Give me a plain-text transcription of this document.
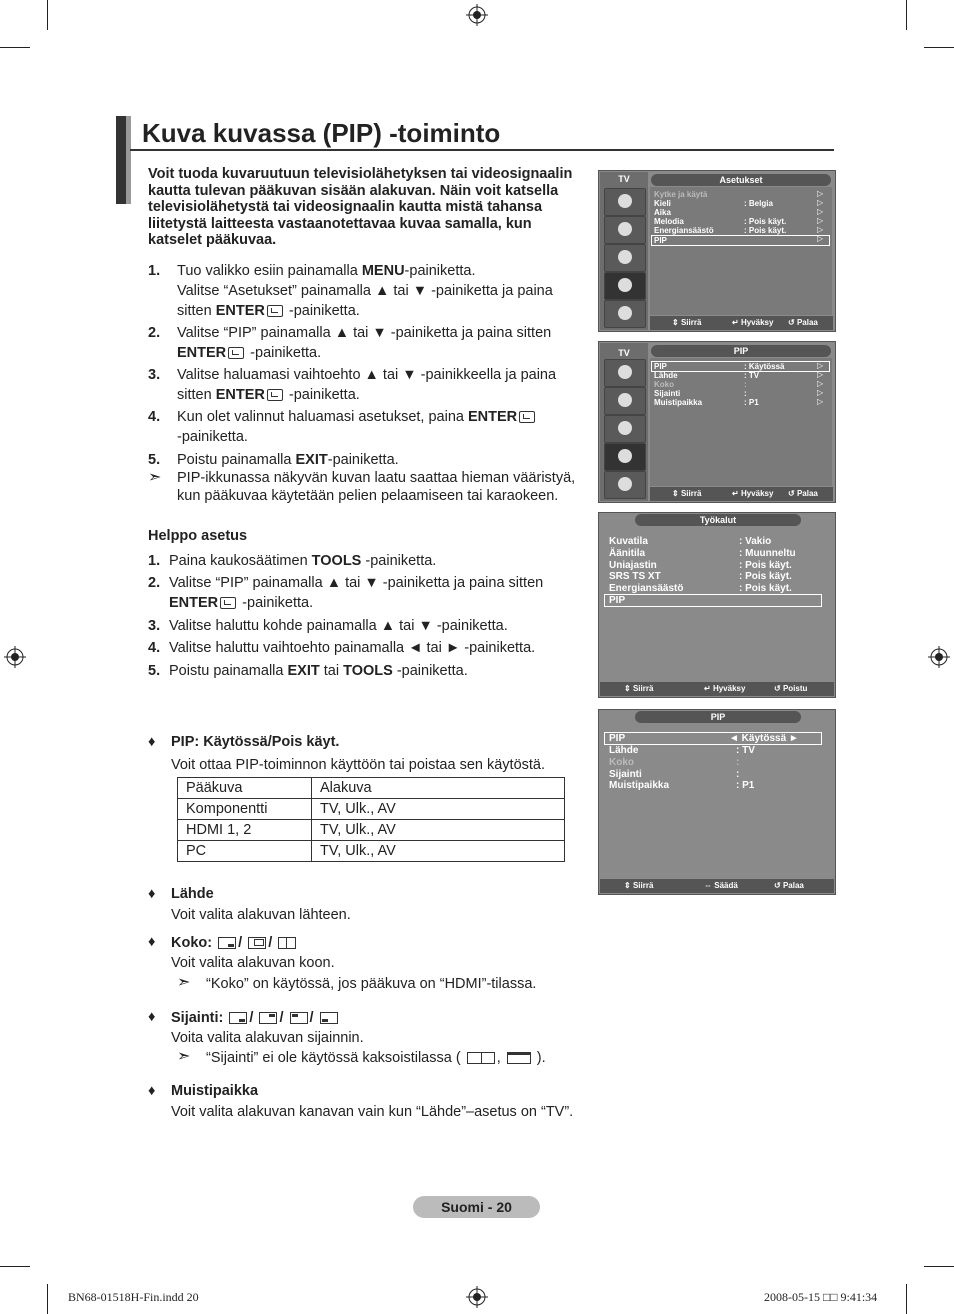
Kuva kuvassa (PIP) -toiminto
Voit tuoda kuvaruutuun televisiolähetyksen tai videosignaalin kautta tulevan pääkuvan sisään alakuvan. Näin voit katsella televisiolähetystä tai videosignaalin kautta mistä tahansa liitetystä laitteesta vastaanotettavaa kuvaa samalla, kun katselet pääkuvaa.
1. Tuo valikko esiin painamalla MENU-painiketta.
Valitse “Asetukset” painamalla ▲ tai ▼ -painiketta ja paina
sitten ENTER -painiketta.
2. Valitse “PIP” painamalla ▲ tai ▼ -painiketta ja paina sitten
ENTER -painiketta.
3. Valitse haluamasi vaihtoehto ▲ tai ▼ -painikkeella ja paina
sitten ENTER -painiketta.
4. Kun olet valinnut haluamasi asetukset, paina ENTER
-painiketta.
5. Poistu painamalla EXIT-painiketta.
➣ PIP-ikkunassa näkyvän kuvan laatu saattaa hieman vääristyä, kun pääkuvaa käytetään pelien pelaamiseen tai karaokeen.
Helppo asetus
1. Paina kaukosäätimen TOOLS -painiketta.
2. Valitse “PIP” painamalla ▲ tai ▼ -painiketta ja paina sitten
ENTER -painiketta.
3. Valitse haluttu kohde painamalla ▲ tai ▼ -painiketta.
4. Valitse haluttu vaihtoehto painamalla ◄ tai ► -painiketta.
5. Poistu painamalla EXIT tai TOOLS -painiketta.
♦ PIP: Käytössä/Pois käyt.
Voit ottaa PIP-toiminnon käyttöön tai poistaa sen käytöstä.
Pääkuva	Alakuva
Komponentti	TV, Ulk., AV
HDMI 1, 2	TV, Ulk., AV
PC	TV, Ulk., AV
♦ Lähde
Voit valita alakuvan lähteen.
♦ Koko: / /
Voit valita alakuvan koon.
➣ “Koko” on käytössä, jos pääkuva on “HDMI”-tilassa.
♦ Sijainti: / / /
Voita valita alakuvan sijainnin.
➣ “Sijainti” ei ole käytössä kaksoistilassa ( , ).
♦ Muistipaikka
Voit valita alakuvan kanavan vain kun “Lähde”–asetus on “TV”.
Suomi - 20
BN68-01518H-Fin.indd 20	2008-05-15 □□ 9:41:34
TV	Asetukset
Kytke ja käytä
Kieli	: Belgia
Aika
Melodia	: Pois käyt.
Energiansäästö	: Pois käyt.
PIP
▷
▷
▷
▷
▷
▷
⇕ Siirrä	↵ Hyväksy ↺ Palaa
TV	PIP
PIP	: Käytössä
Lähde	: TV
Koko	:
Sijainti	:
Muistipaikka	: P1
▷
▷
▷
▷
▷
⇕ Siirrä	↵ Hyväksy ↺ Palaa
Työkalut
Kuvatila	: Vakio
Äänitila	: Muunneltu
Uniajastin	: Pois käyt.
SRS TS XT	: Pois käyt.
Energiansäästö	: Pois käyt.
PIP
⇕ Siirrä	↵ Hyväksy	↺ Poistu
PIP
PIP	◄ Käytössä ►
Lähde	: TV
Koko	:
Sijainti	:
Muistipaikka	: P1
⇕ Siirrä	⇔ Säädä	↺ Palaa
